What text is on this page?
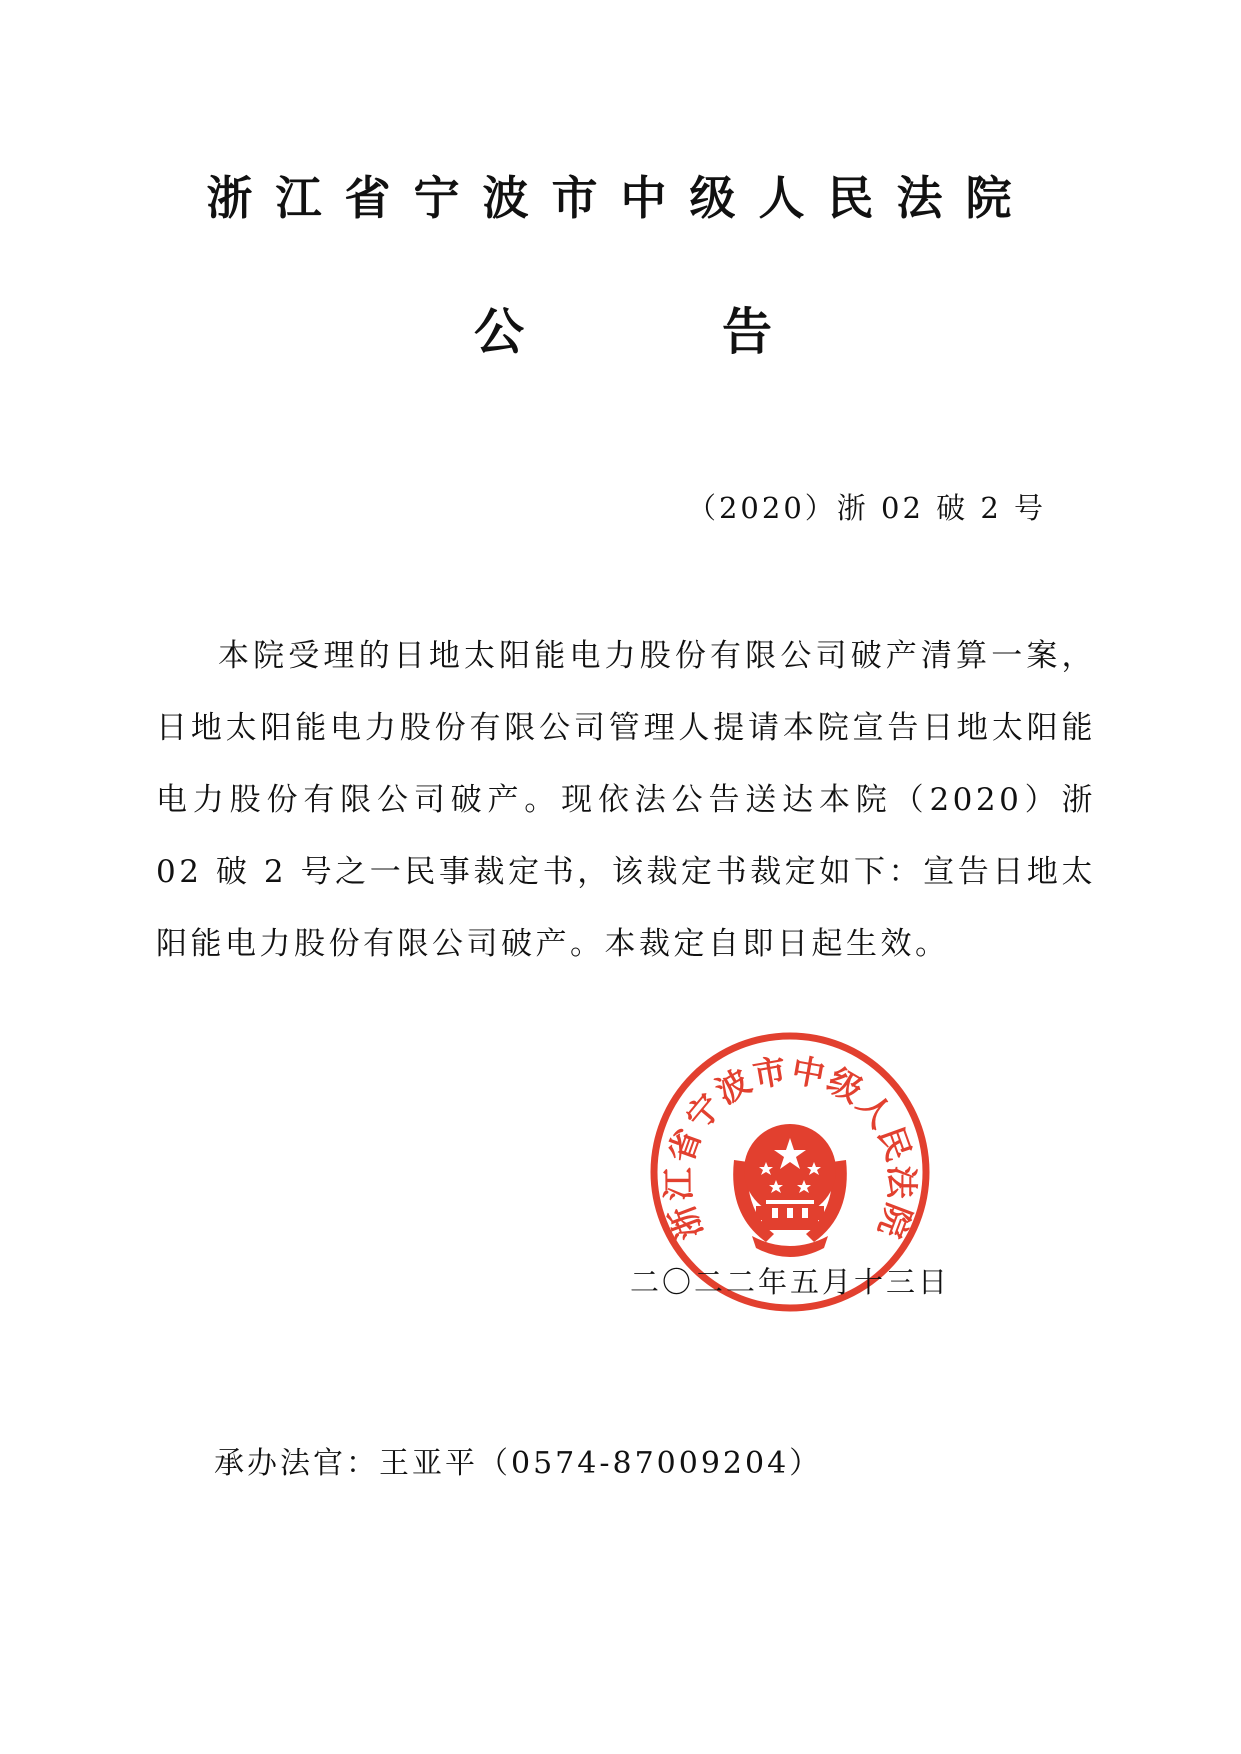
浙江省宁波市中级人民法院
公	告
（2020）浙 02 破 2 号

本院受理的日地太阳能电力股份有限公司破产清算一案，日地太阳能电力股份有限公司管理人提请本院宣告日地太阳能电力股份有限公司破产。现依法公告送达本院（2020）浙 02 破 2 号之一民事裁定书，该裁定书裁定如下：宣告日地太阳能电力股份有限公司破产。本裁定自即日起生效。

浙江省宁波市中级人民法院
二〇二二年五月十三日
承办法官：王亚平（0574-87009204）
